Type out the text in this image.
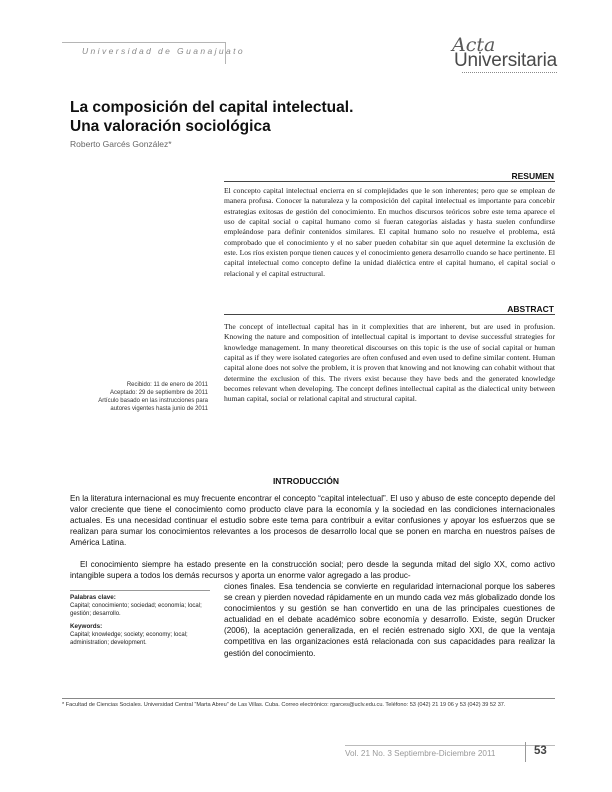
Universidad de Guanajuato	Acta
Universitaria
La composición del capital intelectual.
Una valoración sociológica
Roberto Garcés González*
RESUMEN
El concepto capital intelectual encierra en sí complejidades que le son inherentes; pero que se emplean de manera profusa. Conocer la naturaleza y la composición del capital intelectual es importante para concebir estrategias exitosas de gestión del conocimiento. En muchos discursos teóricos sobre este tema aparece el uso de capital social o capital humano como si fueran categorías aisladas y hasta suelen confundirse empleándose para definir contenidos similares. El capital humano solo no resuelve el problema, está comprobado que el conocimiento y el no saber pueden cohabitar sin que aquel determine la exclusión de este. Los ríos existen porque tienen cauces y el conocimiento genera desarrollo cuando se hace pertinente. El capital intelectual como concepto define la unidad dialéctica entre el capital humano, el capital social o relacional y el capital estructural.
ABSTRACT
The concept of intellectual capital has in it complexities that are inherent, but are used in profusion. Knowing the nature and composition of intellectual capital is important to devise successful strategies for knowledge management. In many theoretical discourses on this topic is the use of social capital or human capital as if they were isolated categories are often confused and even used to define similar content. Human capital alone does not solve the problem, it is proven that knowing and not knowing can cohabit without that determine the exclusion of this. The rivers exist because they have beds and the generated knowledge becomes relevant when developing. The concept defines intellectual capital as the dialectical unity between human capital, social or relational capital and structural capital.
Recibido: 11 de enero de 2011
Aceptado: 29 de septiembre de 2011
Artículo basado en las instrucciones para
autores vigentes hasta junio de 2011
INTRODUCCIÓN
En la literatura internacional es muy frecuente encontrar el concepto “capital intelectual”. El uso y abuso de este concepto depende del valor creciente que tiene el conocimiento como producto clave para la economía y la sociedad en las condiciones internacionales actuales. Es una necesidad continuar el estudio sobre este tema para contribuir a evitar confusiones y apoyar los esfuerzos que se realizan para sumar los conocimientos relevantes a los procesos de desarrollo local que se ponen en marcha en nuestros países de América Latina.
El conocimiento siempre ha estado presente en la construcción social; pero desde la segunda mitad del siglo XX, como activo intangible supera a todos los demás recursos y aporta un enorme valor agregado a las produc-
ciones finales. Esa tendencia se convierte en regularidad internacional porque los saberes se crean y pierden novedad rápidamente en un mundo cada vez más globalizado donde los conocimientos y su gestión se han convertido en una de las principales cuestiones de actualidad en el debate académico sobre economía y desarrollo. Existe, según Drucker (2006), la aceptación generalizada, en el recién estrenado siglo XXI, de que la ventaja competitiva en las organizaciones está relacionada con sus capacidades para realizar la gestión del conocimiento.
Palabras clave:
Capital; conocimiento; sociedad; economía; local; gestión; desarrollo.
Keywords:
Capital; knowledge; society; economy; local; administration; development.
* Facultad de Ciencias Sociales. Universidad Central “Marta Abreu” de Las Villas. Cuba. Correo electrónico: rgarces@uclv.edu.cu. Teléfono: 53 (042) 21 19 06 y 53 (042) 39 52 37.
Vol. 21 No. 3 Septiembre-Diciembre 2011	53
